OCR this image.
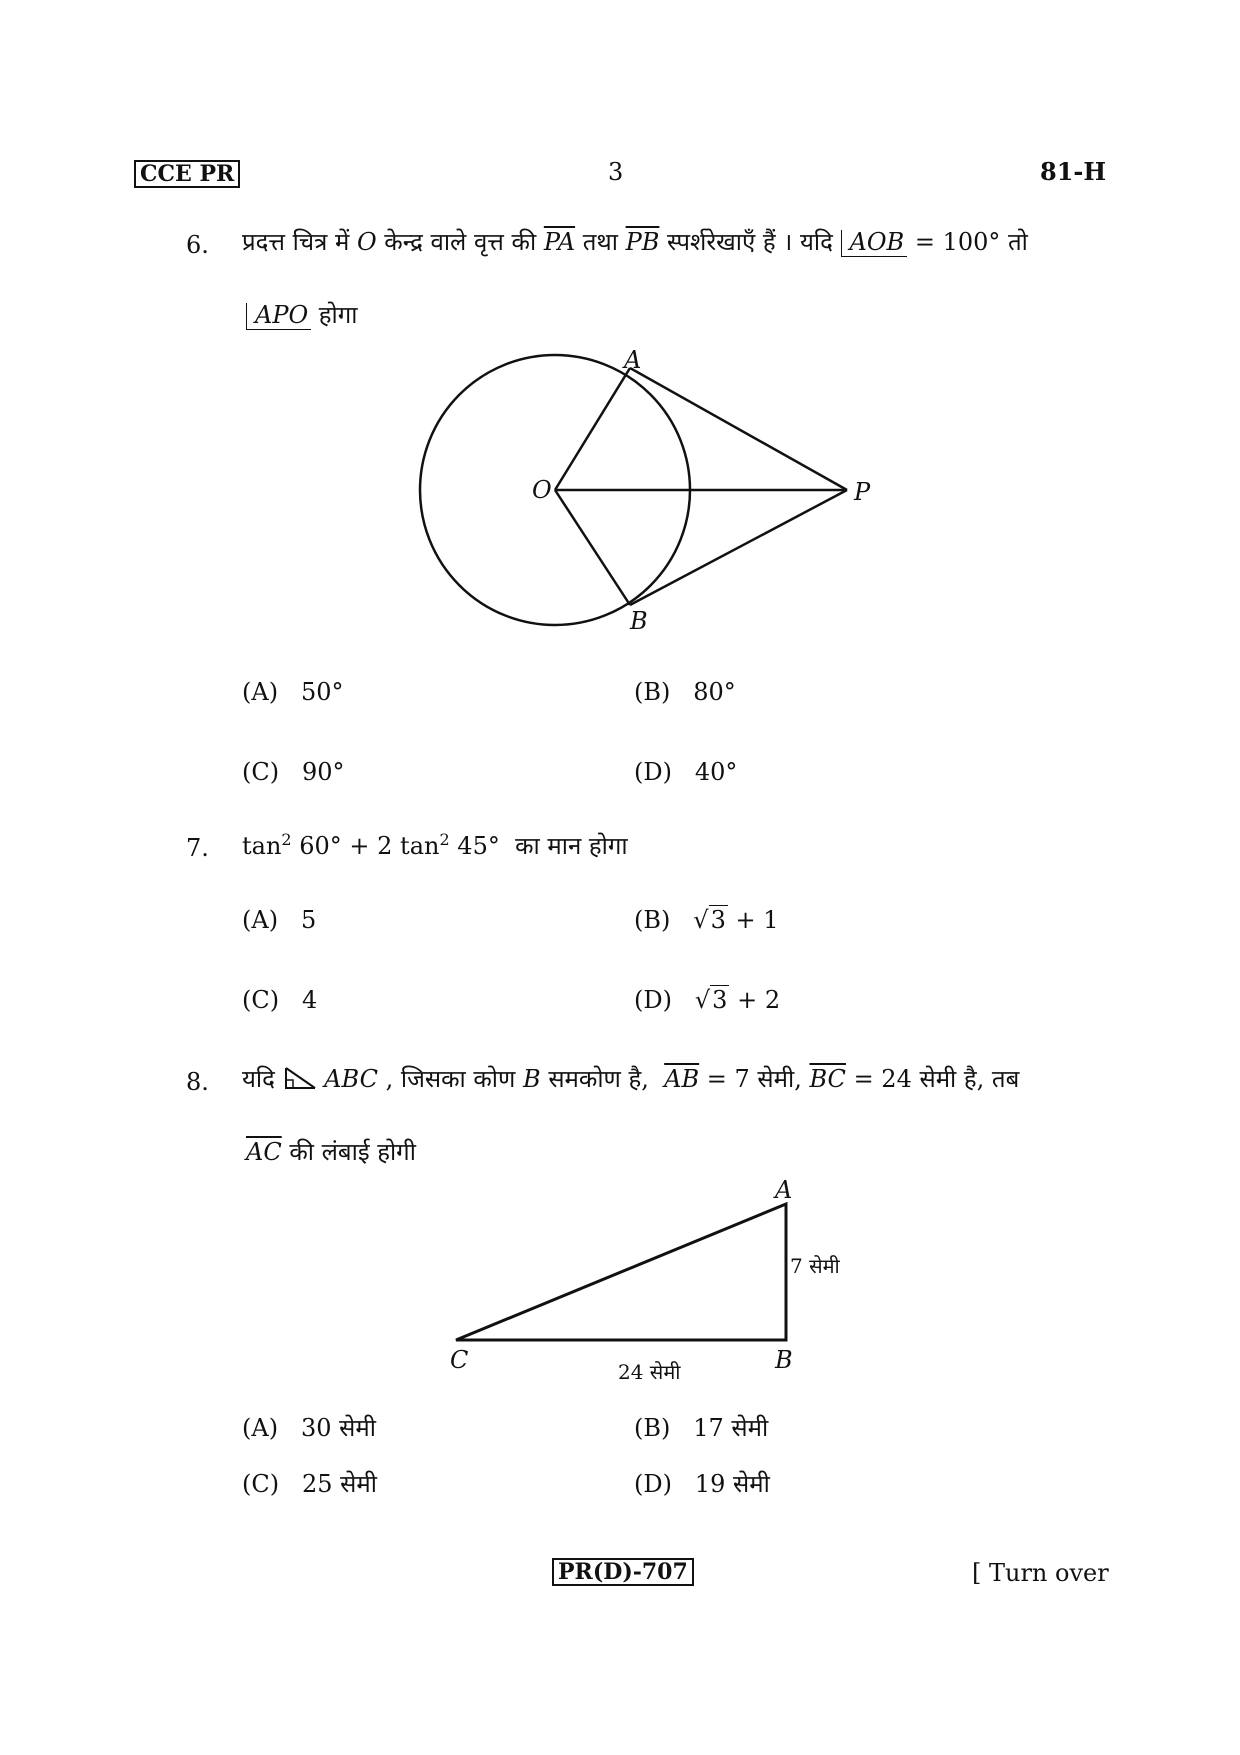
CCE PR	3	81-H
6. प्रदत्त चित्र में O केन्द्र वाले वृत्त की $\overline{PA}$ तथा $\overline{PB}$ स्पर्शरेखाएँ हैं । यदि AOB = 100° तो
APO होगा
A
B
O	P
(A) 50°	(B) 80°
(C) 90°	(D) 40°
7. $\tan^2 60^\circ + 2$ $\tan^2 45^\circ$ का मान होगा
(A) 5	(B) √3 + 1
(C) 4	(D) √3 + 2
8. यदि ABC , जिसका कोण B समकोण है, $\overline{AB} = 7$ सेमी, $\overline{BC} = 24$ सेमी है, तब
$\overline{AC}$ की लंबाई होगी
A
B
C
7 सेमी
24 सेमी
(A) 30 सेमी	(B) 17 सेमी
(C) 25 सेमी	(D) 19 सेमी
PR(D)-707	[ Turn over
